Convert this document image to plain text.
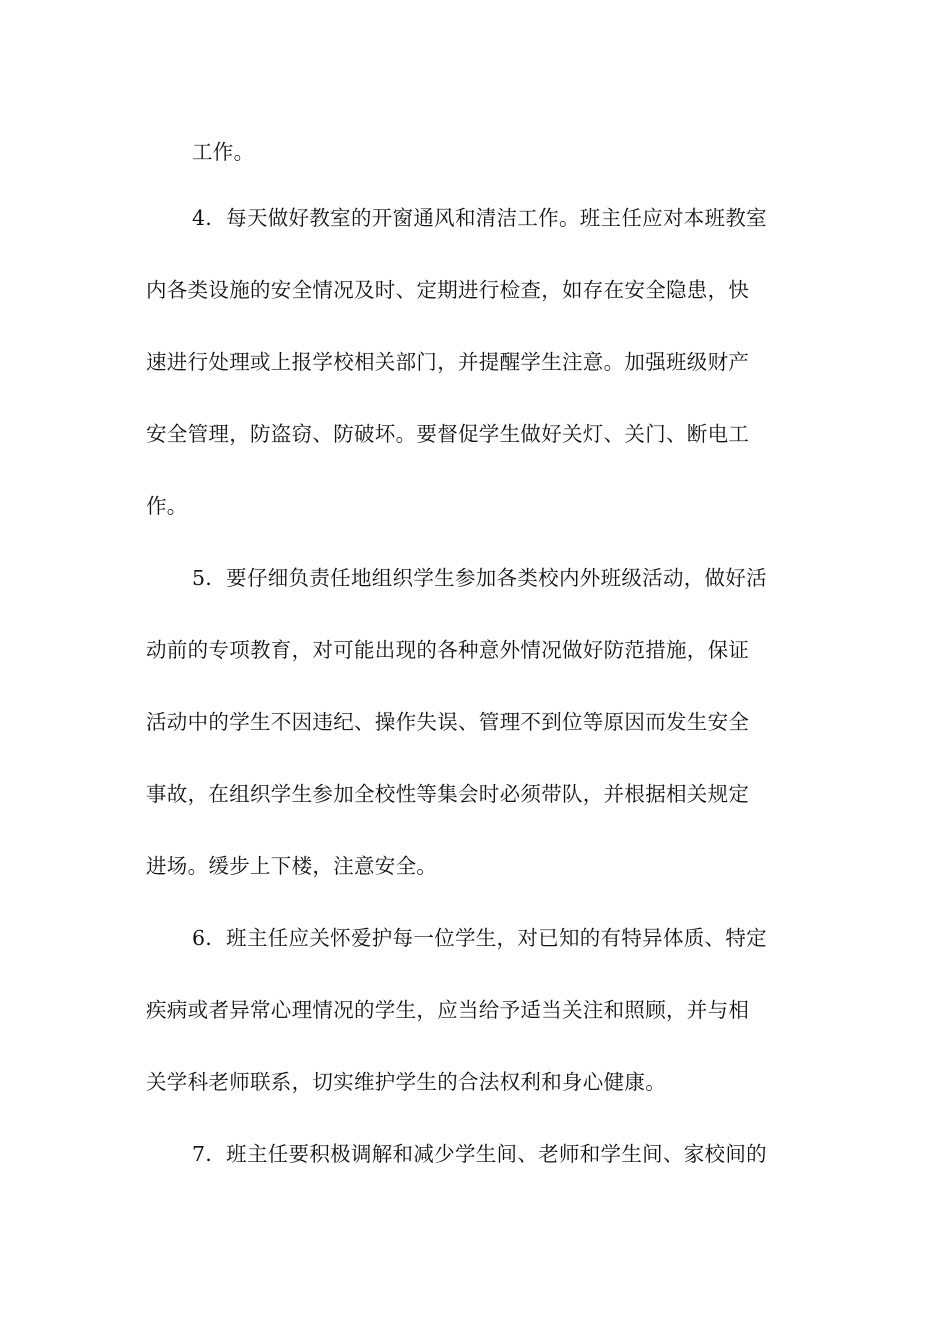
工作。
4．每天做好教室的开窗通风和清洁工作。班主任应对本班教室
内各类设施的安全情况及时、定期进行检查，如存在安全隐患，快
速进行处理或上报学校相关部门，并提醒学生注意。加强班级财产
安全管理，防盗窃、防破坏。要督促学生做好关灯、关门、断电工
作。
5．要仔细负责任地组织学生参加各类校内外班级活动，做好活
动前的专项教育，对可能出现的各种意外情况做好防范措施，保证
活动中的学生不因违纪、操作失误、管理不到位等原因而发生安全
事故，在组织学生参加全校性等集会时必须带队，并根据相关规定
进场。缓步上下楼，注意安全。
6．班主任应关怀爱护每一位学生，对已知的有特异体质、特定
疾病或者异常心理情况的学生，应当给予适当关注和照顾，并与相
关学科老师联系，切实维护学生的合法权利和身心健康。
7．班主任要积极调解和减少学生间、老师和学生间、家校间的
